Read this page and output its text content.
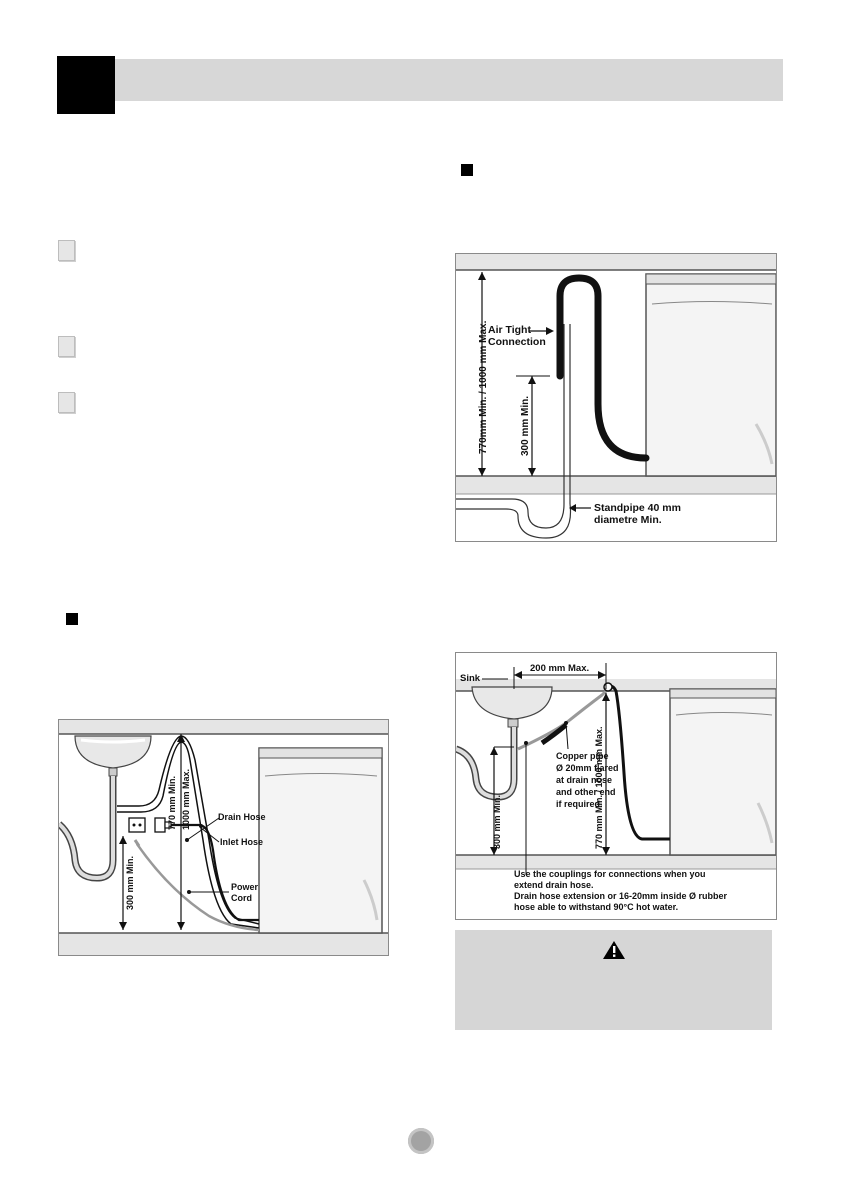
770mm Min. / 1000 mm Max.	300 mm Min.
Air Tight
Connection
Standpipe 40 mm
diametre Min.
300 mm Min.
770 mm Min. 1000 mm Max.	Drain Hose
Inlet Hose
Power
Cord
Sink
200 mm Max.
300 mm Min.	770 mm Min. / 1000 mm Max.
Copper pipe
Ø 20mm flared
at drain nose
and other end
if required.
Use the couplings for connections when you
extend drain hose.
Drain hose extension or 16-20mm inside Ø rubber
hose able to withstand 90°C hot water.
